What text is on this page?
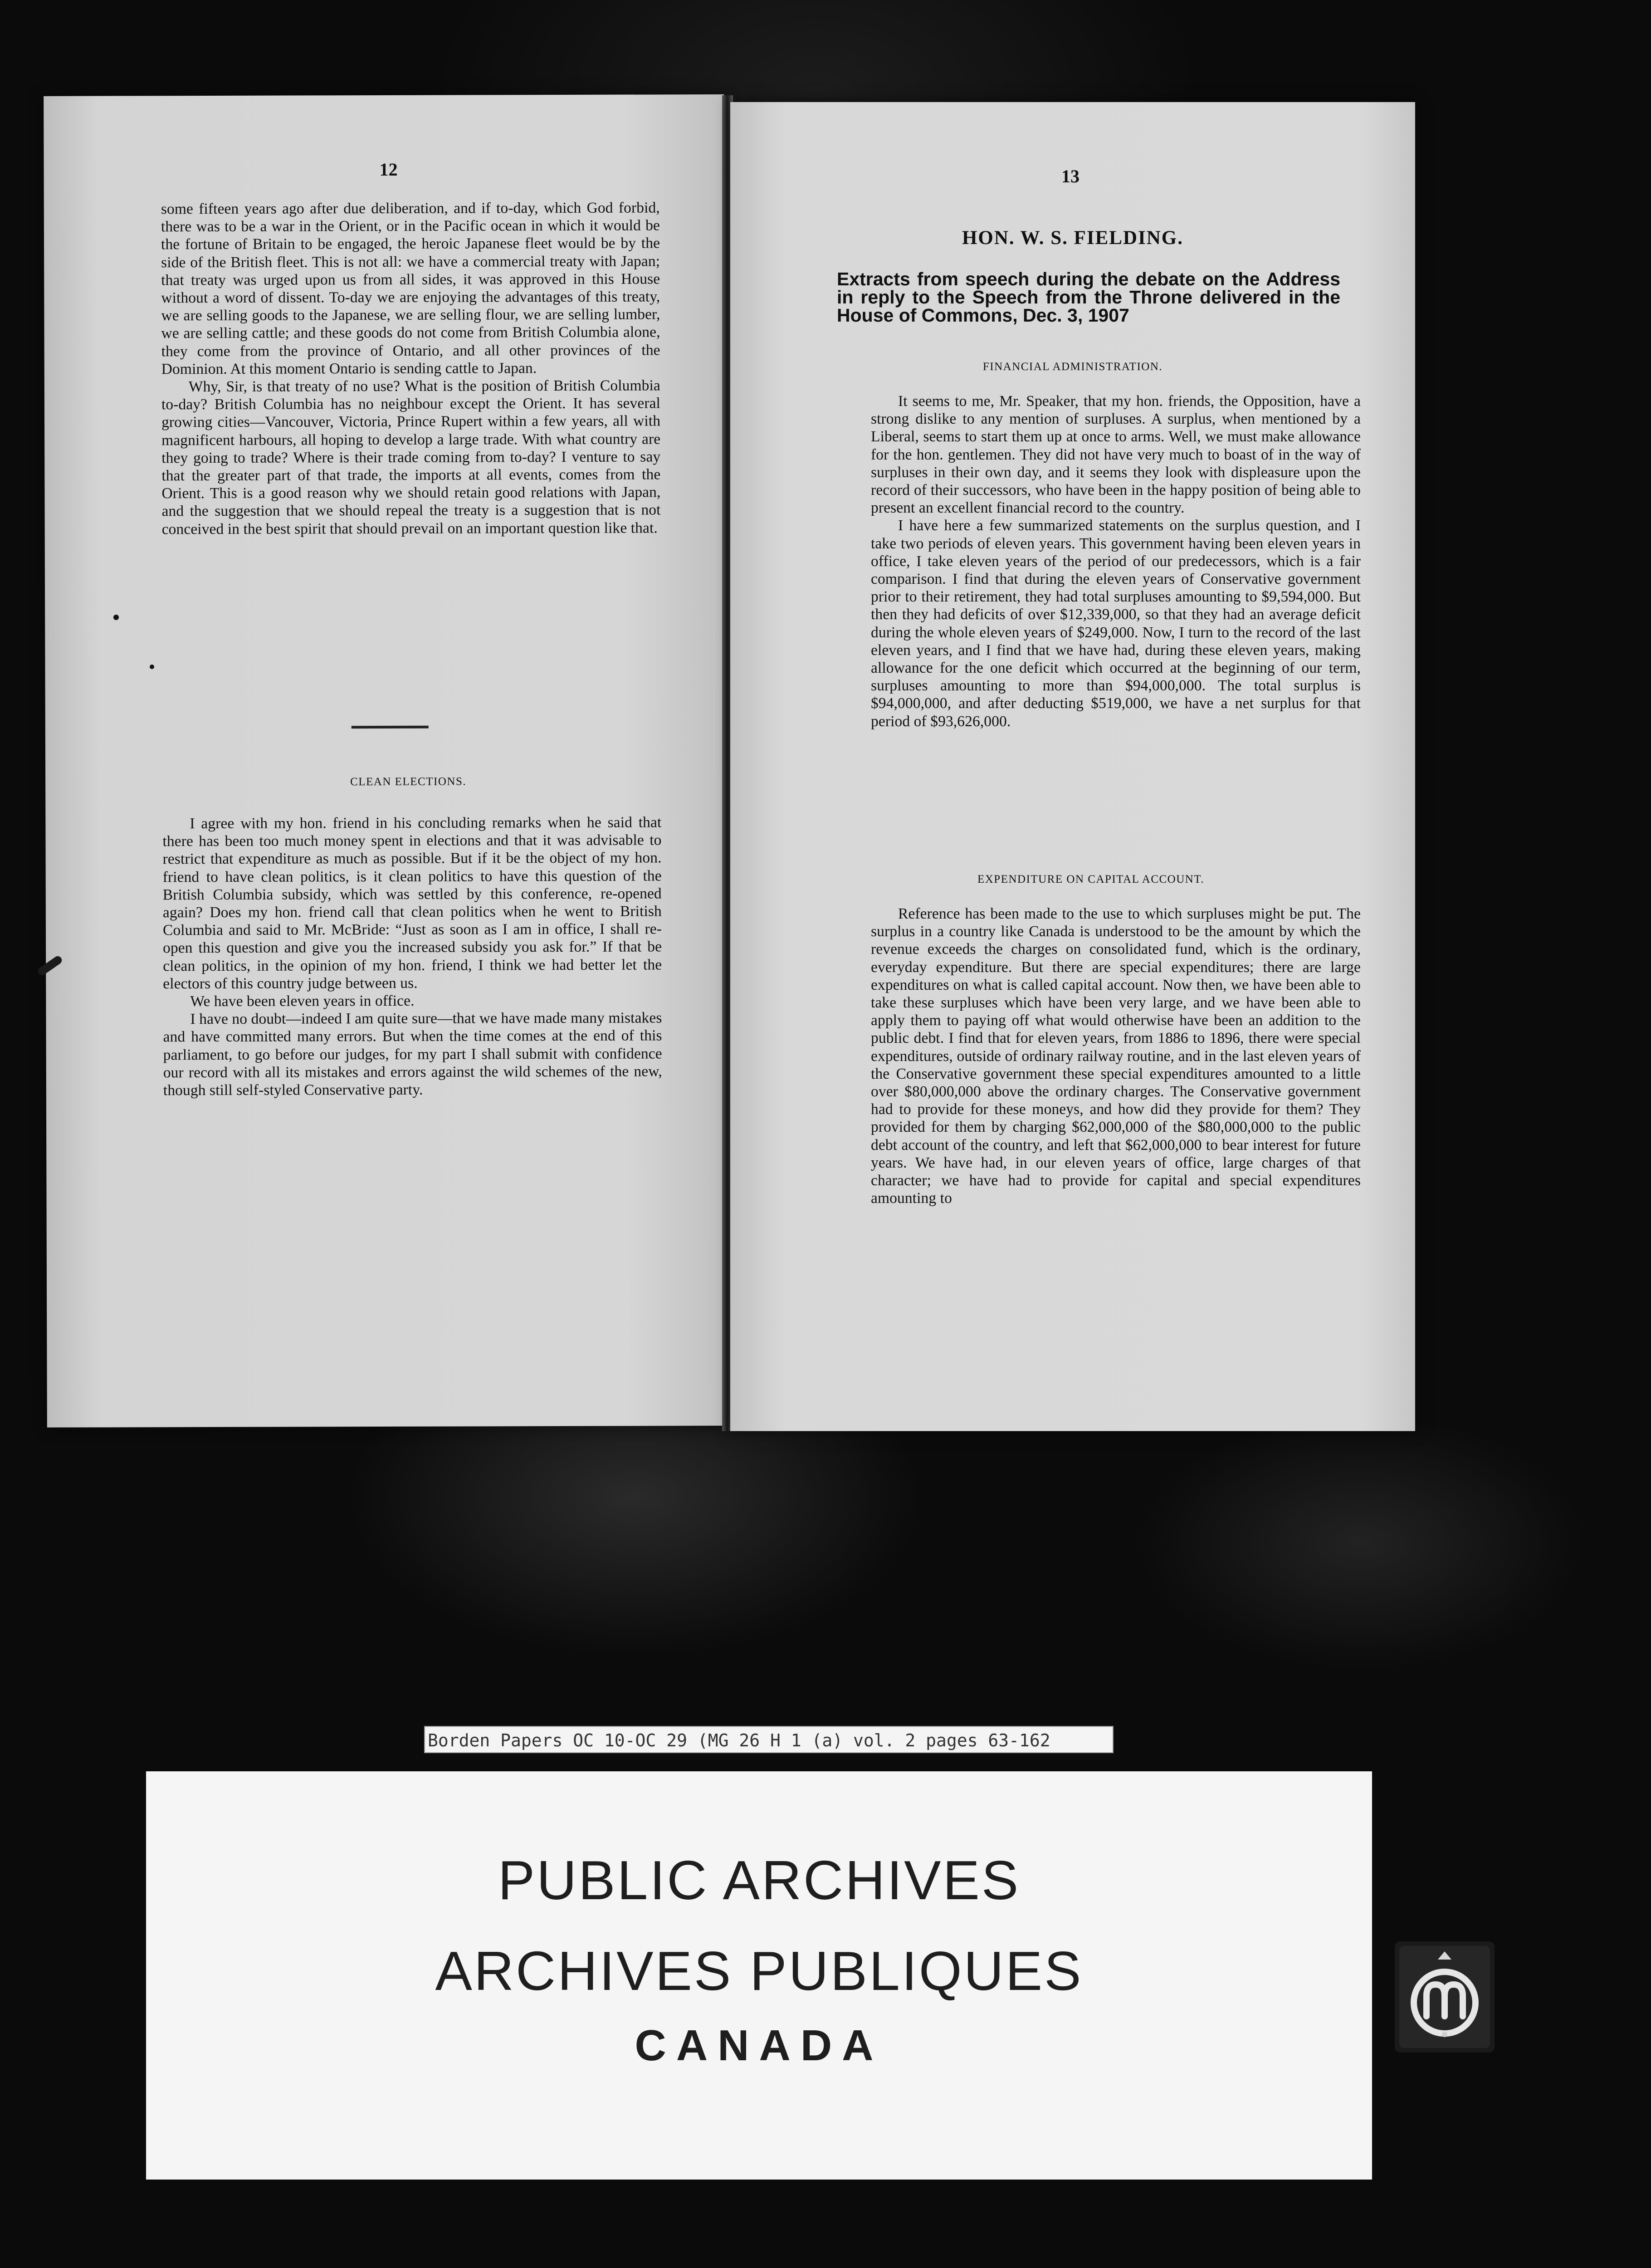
12

some fifteen years ago after due deliberation, and if to-day, which God forbid, there was to be a war in the Orient, or in the Pacific ocean in which it would be the fortune of Britain to be engaged, the heroic Japanese fleet would be by the side of the British fleet. This is not all: we have a commercial treaty with Japan; that treaty was urged upon us from all sides, it was approved in this House without a word of dissent. To-day we are enjoying the advantages of this treaty, we are selling goods to the Japanese, we are selling flour, we are selling lumber, we are selling cattle; and these goods do not come from British Columbia alone, they come from the province of Ontario, and all other provinces of the Dominion. At this moment Ontario is sending cattle to Japan.

Why, Sir, is that treaty of no use? What is the position of British Columbia to-day? British Columbia has no neighbour except the Orient. It has several growing cities—Vancouver, Victoria, Prince Rupert within a few years, all with magnificent harbours, all hoping to develop a large trade. With what country are they going to trade? Where is their trade coming from to-day? I venture to say that the greater part of that trade, the imports at all events, comes from the Orient. This is a good reason why we should retain good relations with Japan, and the suggestion that we should repeal the treaty is a suggestion that is not conceived in the best spirit that should prevail on an important question like that.

CLEAN ELECTIONS.

I agree with my hon. friend in his concluding remarks when he said that there has been too much money spent in elections and that it was advisable to restrict that expenditure as much as possible. But if it be the object of my hon. friend to have clean politics, is it clean politics to have this question of the British Columbia subsidy, which was settled by this conference, re-opened again? Does my hon. friend call that clean politics when he went to British Columbia and said to Mr. McBride: “Just as soon as I am in office, I shall re-open this question and give you the increased subsidy you ask for.” If that be clean politics, in the opinion of my hon. friend, I think we had better let the electors of this country judge between us.

We have been eleven years in office.

I have no doubt—indeed I am quite sure—that we have made many mistakes and have committed many errors. But when the time comes at the end of this parliament, to go before our judges, for my part I shall submit with confidence our record with all its mistakes and errors against the wild schemes of the new, though still self-styled Conservative party.

13
HON. W. S. FIELDING.
Extracts from speech during the debate on the Address in reply to the Speech from the Throne delivered in the House of Commons, Dec. 3, 1907
FINANCIAL ADMINISTRATION.

It seems to me, Mr. Speaker, that my hon. friends, the Opposition, have a strong dislike to any mention of surpluses. A surplus, when mentioned by a Liberal, seems to start them up at once to arms. Well, we must make allowance for the hon. gentlemen. They did not have very much to boast of in the way of surpluses in their own day, and it seems they look with displeasure upon the record of their successors, who have been in the happy position of being able to present an excellent financial record to the country.

I have here a few summarized statements on the surplus question, and I take two periods of eleven years. This government having been eleven years in office, I take eleven years of the period of our predecessors, which is a fair comparison. I find that during the eleven years of Conservative government prior to their retirement, they had total surpluses amounting to $9,594,000. But then they had deficits of over $12,339,000, so that they had an average deficit during the whole eleven years of $249,000. Now, I turn to the record of the last eleven years, and I find that we have had, during these eleven years, making allowance for the one deficit which occurred at the beginning of our term, surpluses amounting to more than $94,000,000. The total surplus is $94,000,000, and after deducting $519,000, we have a net surplus for that period of $93,626,000.

EXPENDITURE ON CAPITAL ACCOUNT.

Reference has been made to the use to which surpluses might be put. The surplus in a country like Canada is understood to be the amount by which the revenue exceeds the charges on consolidated fund, which is the ordinary, everyday expenditure. But there are special expenditures; there are large expenditures on what is called capital account. Now then, we have been able to take these surpluses which have been very large, and we have been able to apply them to paying off what would otherwise have been an addition to the public debt. I find that for eleven years, from 1886 to 1896, there were special expenditures, outside of ordinary railway routine, and in the last eleven years of the Conservative government these special expenditures amounted to a little over $80,000,000 above the ordinary charges. The Conservative government had to provide for these moneys, and how did they provide for them? They provided for them by charging $62,000,000 of the $80,000,000 to the public debt account of the country, and left that $62,000,000 to bear interest for future years. We have had, in our eleven years of office, large charges of that character; we have had to provide for capital and special expenditures amounting to

Borden Papers OC 10-OC 29 (MG 26 H 1 (a) vol. 2 pages 63-162
PUBLIC ARCHIVES
ARCHIVES PUBLIQUES
CANADA
